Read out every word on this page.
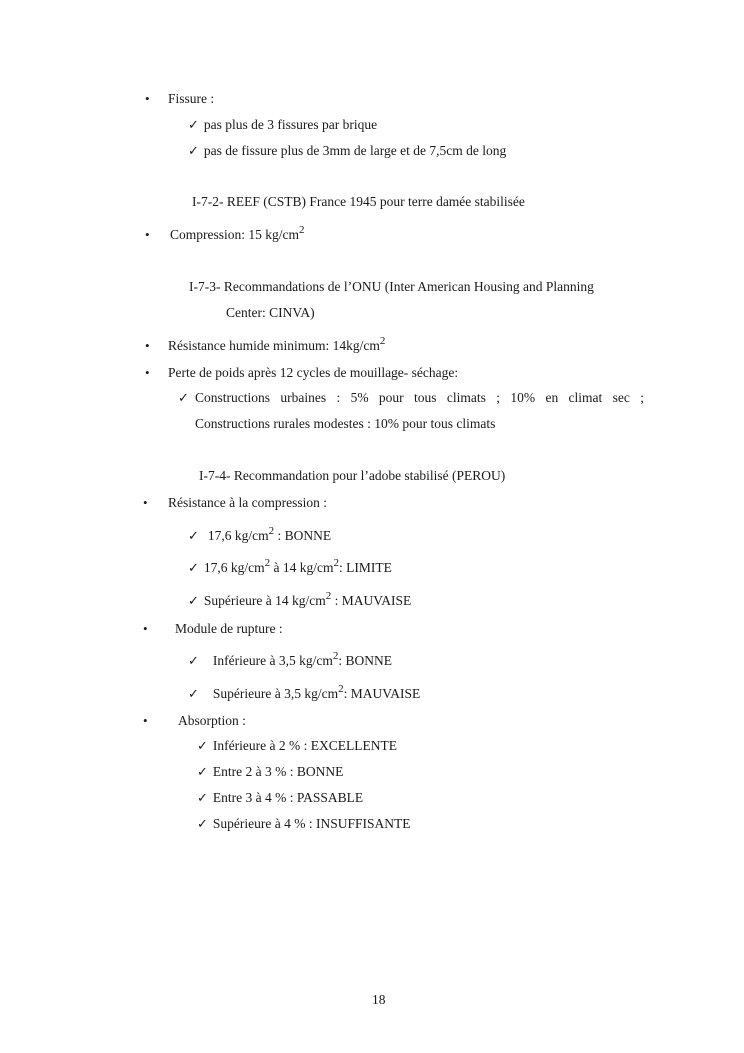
• Fissure :
✓ pas plus de 3 fissures par brique
✓ pas de fissure plus de 3mm de large et de 7,5cm de long
I-7-2- REEF (CSTB) France 1945 pour terre damée stabilisée
• Compression: 15 $kg/cm^2$
I-7-3- Recommandations de l’ONU (Inter American Housing and Planning
Center: CINVA)
• Résistance humide minimum: $14kg/cm^2$
• Perte de poids après 12 cycles de mouillage- séchage:
✓ Constructions urbaines : 5% pour tous climats ; 10% en climat sec ;
Constructions rurales modestes : 10% pour tous climats
I-7-4- Recommandation pour l’adobe stabilisé (PEROU)
• Résistance à la compression :
✓ 17,6 $kg/cm^2$ : BONNE
✓ 17,6 $kg/cm^2$ à 14 $kg/cm^2$: LIMITE
✓ Supérieure à 14 $kg/cm^2$ : MAUVAISE
• Module de rupture :
✓ Inférieure à 3,5 $kg/cm^2$: BONNE
✓ Supérieure à 3,5 $kg/cm^2$: MAUVAISE
• Absorption :
✓ Inférieure à 2 % : EXCELLENTE
✓ Entre 2 à 3 % : BONNE
✓ Entre 3 à 4 % : PASSABLE
✓ Supérieure à 4 % : INSUFFISANTE
18
